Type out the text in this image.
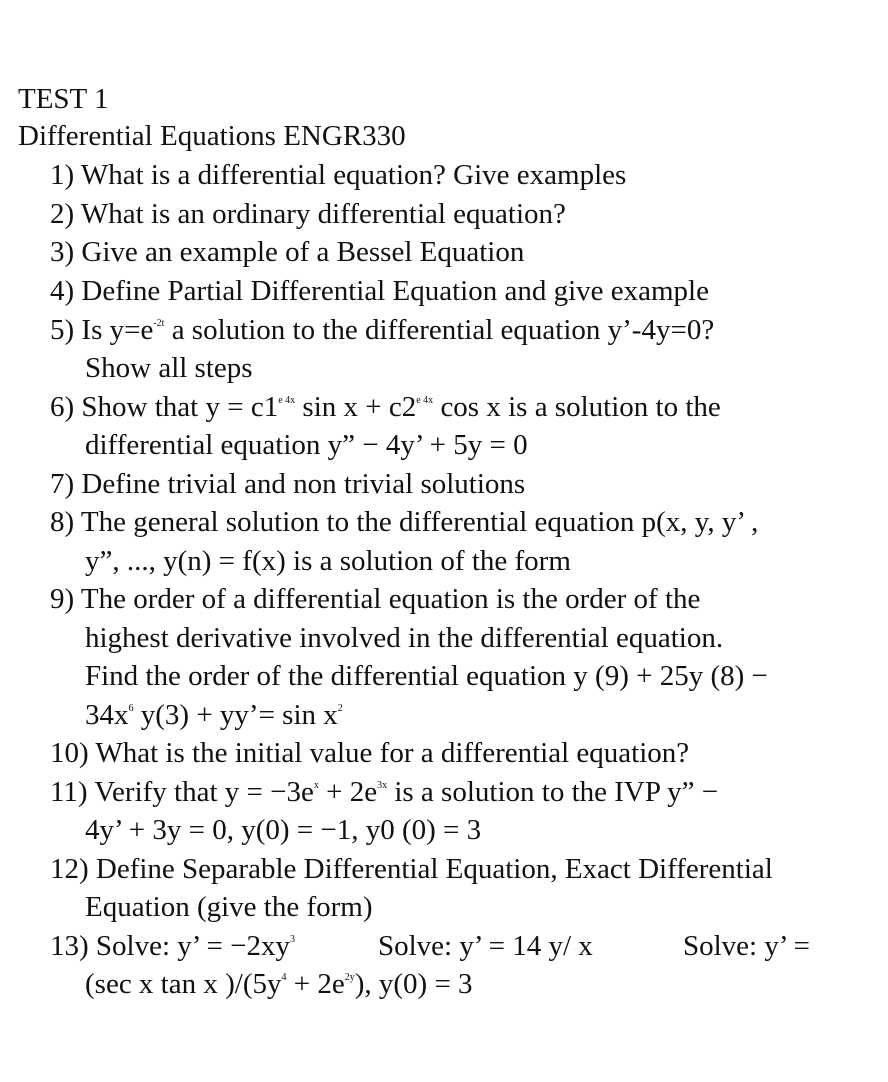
TEST 1
Differential Equations ENGR330
1) What is a differential equation? Give examples
2) What is an ordinary differential equation?
3) Give an example of a Bessel Equation
4) Define Partial Differential Equation and give example
5) Is $y=e^{-2t}$ a solution to the differential equation y’-4y=0?
Show all steps
6) Show that $y = c1^{e 4x}$ $\sin x + c2^{e 4x}$ cos x is a solution to the
differential equation y” − 4y’ + 5y = 0
7) Define trivial and non trivial solutions
8) The general solution to the differential equation p(x, y, y’ ,
y”, ..., y(n) = f(x) is a solution of the form
9) The order of a differential equation is the order of the
highest derivative involved in the differential equation.
Find the order of the differential equation y (9) + 25y (8) −
$34x^6$ y(3) + yy’= $\sin x^2$
10) What is the initial value for a differential equation?
11) Verify that $y = -3e^x + 2e^{3x}$ is a solution to the IVP y” −
4y’ + 3y = 0, y(0) = −1, y0 (0) = 3
12) Define Separable Differential Equation, Exact Differential
Equation (give the form)
13) Solve: y’ = $-2xy^3$	Solve: y’ = 14 y/ x	Solve: y’ =
(sec x tan x )$/(5y^4 + 2e^{2y})$, y(0) = 3
